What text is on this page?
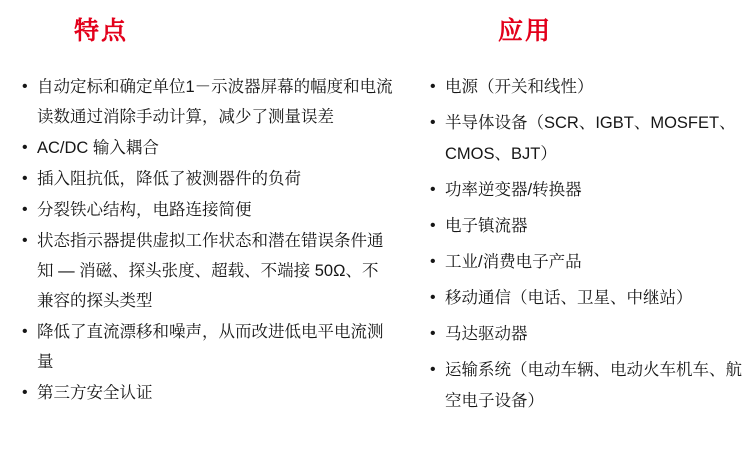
特点
• 自动定标和确定单位1－示波器屏幕的幅度和电流读数通过消除手动计算，减少了测量误差
• AC/DC 输入耦合
• 插入阻抗低，降低了被测器件的负荷
• 分裂铁心结构，电路连接简便
• 状态指示器提供虚拟工作状态和潜在错误条件通知 — 消磁、探头张度、超载、不端接 50Ω、不兼容的探头类型
• 降低了直流漂移和噪声，从而改进低电平电流测量
• 第三方安全认证
应用
• 电源（开关和线性）
• 半导体设备（SCR、IGBT、MOSFET、CMOS、BJT）
• 功率逆变器/转换器
• 电子镇流器
• 工业/消费电子产品
• 移动通信（电话、卫星、中继站）
• 马达驱动器
• 运输系统（电动车辆、电动火车机车、航空电子设备）
